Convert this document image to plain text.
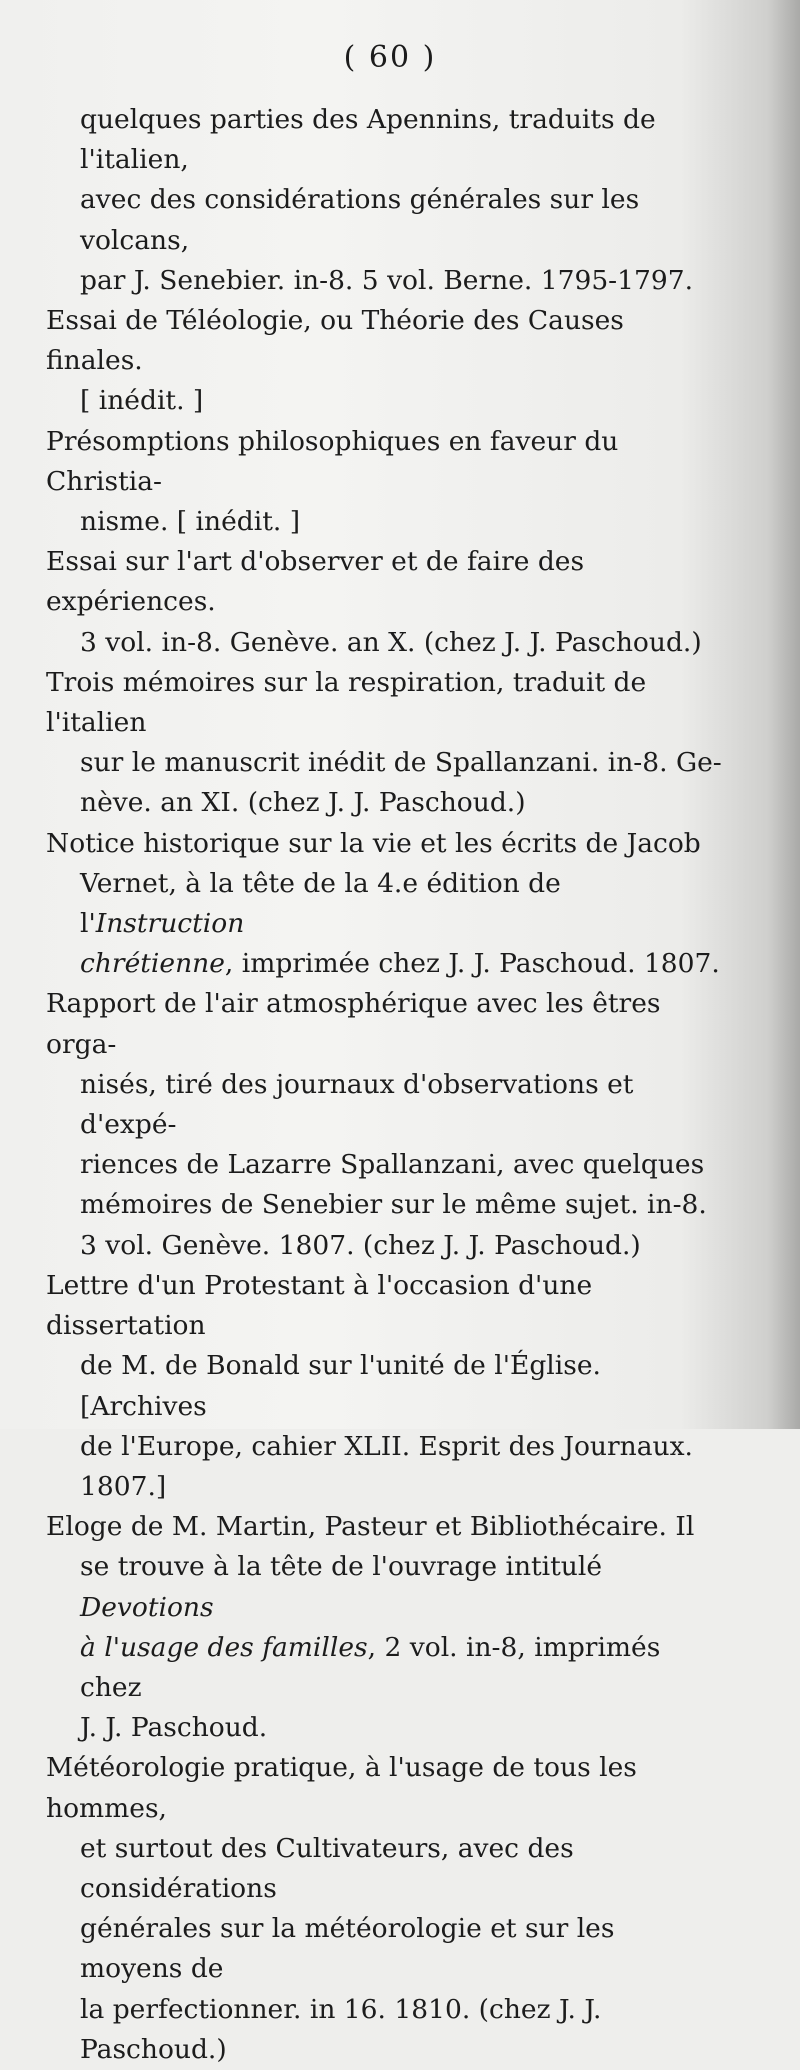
( 60 )
quelques parties des Apennins, traduits de l'italien,
avec des considérations générales sur les volcans,
par J. Senebier. in-8. 5 vol. Berne. 1795-1797.
Essai de Téléologie, ou Théorie des Causes finales.
[ inédit. ]
Présomptions philosophiques en faveur du Christia-
nisme. [ inédit. ]
Essai sur l'art d'observer et de faire des expériences.
3 vol. in-8. Genève. an X. (chez J. J. Paschoud.)
Trois mémoires sur la respiration, traduit de l'italien
sur le manuscrit inédit de Spallanzani. in-8. Ge-
nève. an XI. (chez J. J. Paschoud.)
Notice historique sur la vie et les écrits de Jacob
Vernet, à la tête de la 4.e édition de l'Instruction
chrétienne, imprimée chez J. J. Paschoud. 1807.
Rapport de l'air atmosphérique avec les êtres orga-
nisés, tiré des journaux d'observations et d'expé-
riences de Lazarre Spallanzani, avec quelques
mémoires de Senebier sur le même sujet. in-8.
3 vol. Genève. 1807. (chez J. J. Paschoud.)
Lettre d'un Protestant à l'occasion d'une dissertation
de M. de Bonald sur l'unité de l'Église. [Archives
de l'Europe, cahier XLII. Esprit des Journaux.
1807.]
Eloge de M. Martin, Pasteur et Bibliothécaire. Il
se trouve à la tête de l'ouvrage intitulé Devotions
à l'usage des familles, 2 vol. in-8, imprimés chez
J. J. Paschoud.
Météorologie pratique, à l'usage de tous les hommes,
et surtout des Cultivateurs, avec des considérations
générales sur la météorologie et sur les moyens de
la perfectionner. in 16. 1810. (chez J. J. Paschoud.)
